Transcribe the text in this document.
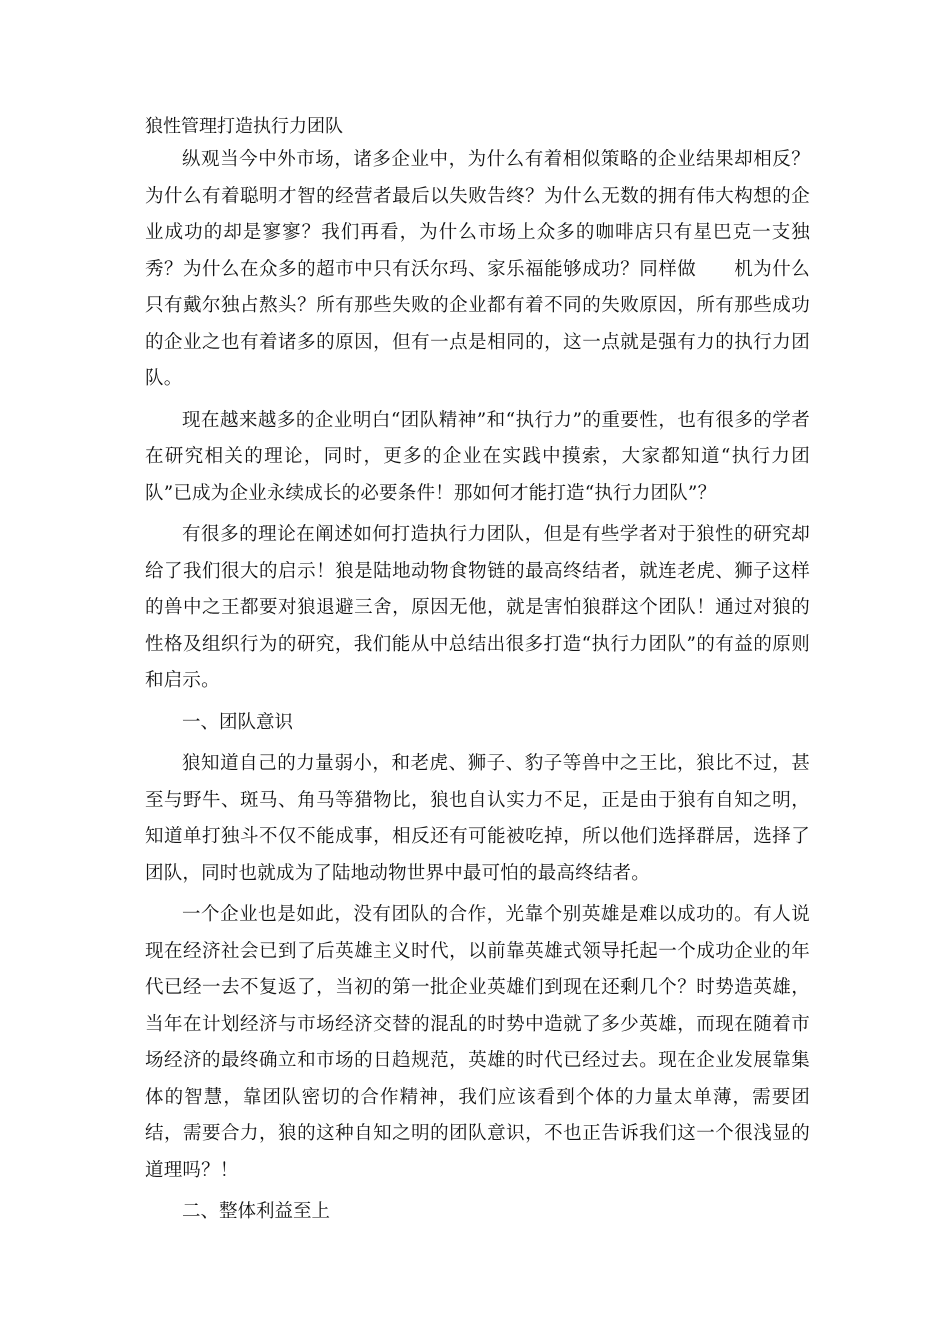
狼性管理打造执行力团队

纵观当今中外市场，诸多企业中，为什么有着相似策略的企业结果却相反？为什么有着聪明才智的经营者最后以失败告终？为什么无数的拥有伟大构想的企业成功的却是寥寥？我们再看，为什么市场上众多的咖啡店只有星巴克一支独秀？为什么在众多的超市中只有沃尔玛、家乐福能够成功？同样做　　机为什么只有戴尔独占熬头？所有那些失败的企业都有着不同的失败原因，所有那些成功的企业之也有着诸多的原因，但有一点是相同的，这一点就是强有力的执行力团队。

现在越来越多的企业明白“团队精神”和“执行力”的重要性，也有很多的学者在研究相关的理论，同时，更多的企业在实践中摸索，大家都知道“执行力团队”已成为企业永续成长的必要条件！那如何才能打造“执行力团队”？

有很多的理论在阐述如何打造执行力团队，但是有些学者对于狼性的研究却给了我们很大的启示！狼是陆地动物食物链的最高终结者，就连老虎、狮子这样的兽中之王都要对狼退避三舍，原因无他，就是害怕狼群这个团队！通过对狼的性格及组织行为的研究，我们能从中总结出很多打造“执行力团队”的有益的原则和启示。

一、团队意识

狼知道自己的力量弱小，和老虎、狮子、豹子等兽中之王比，狼比不过，甚至与野牛、斑马、角马等猎物比，狼也自认实力不足，正是由于狼有自知之明，知道单打独斗不仅不能成事，相反还有可能被吃掉，所以他们选择群居，选择了团队，同时也就成为了陆地动物世界中最可怕的最高终结者。

一个企业也是如此，没有团队的合作，光靠个别英雄是难以成功的。有人说现在经济社会已到了后英雄主义时代，以前靠英雄式领导托起一个成功企业的年代已经一去不复返了，当初的第一批企业英雄们到现在还剩几个？时势造英雄，当年在计划经济与市场经济交替的混乱的时势中造就了多少英雄，而现在随着市场经济的最终确立和市场的日趋规范，英雄的时代已经过去。现在企业发展靠集体的智慧，靠团队密切的合作精神，我们应该看到个体的力量太单薄，需要团结，需要合力，狼的这种自知之明的团队意识，不也正告诉我们这一个很浅显的道理吗？！

二、整体利益至上
